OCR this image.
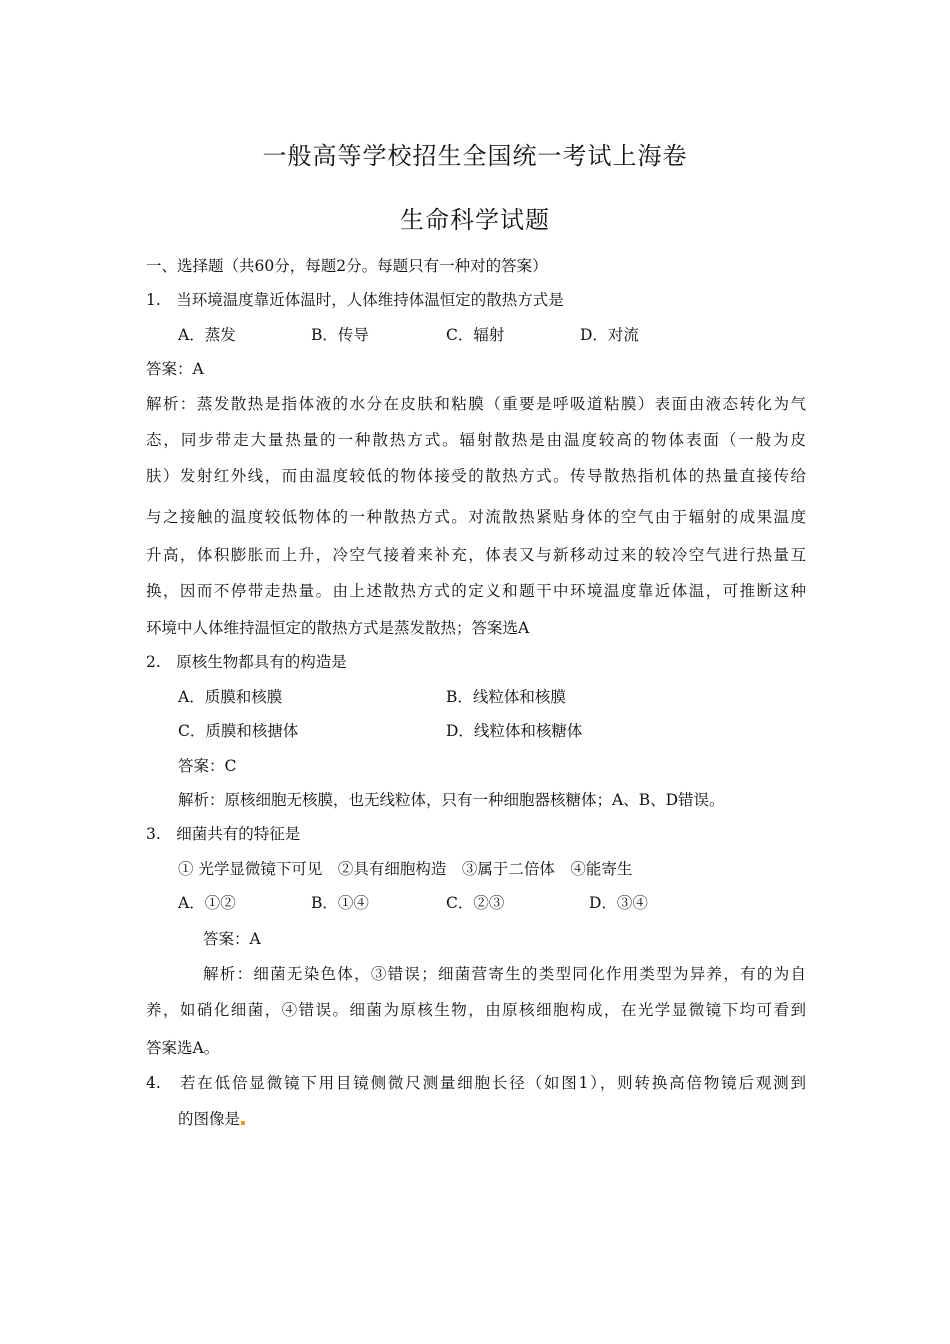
一般高等学校招生全国统一考试上海卷
生命科学试题
一、选择题（共60分，每题2分。每题只有一种对的答案）
1.　当环境温度靠近体温时，人体维持体温恒定的散热方式是
A．蒸发	B．传导	C．辐射	D．对流
答案：A
解析：蒸发散热是指体液的水分在皮肤和粘膜（重要是呼吸道粘膜）表面由液态转化为气
态，同步带走大量热量的一种散热方式。辐射散热是由温度较高的物体表面（一般为皮
肤）发射红外线，而由温度较低的物体接受的散热方式。传导散热指机体的热量直接传给
与之接触的温度较低物体的一种散热方式。对流散热紧贴身体的空气由于辐射的成果温度
升高，体积膨胀而上升，冷空气接着来补充，体表又与新移动过来的较冷空气进行热量互
换，因而不停带走热量。由上述散热方式的定义和题干中环境温度靠近体温，可推断这种
环境中人体维持温恒定的散热方式是蒸发散热；答案选A
2.　原核生物都具有的构造是
A．质膜和核膜	B．线粒体和核膜
C．质膜和核搪体	D．线粒体和核糖体
答案：C
解析：原核细胞无核膜，也无线粒体，只有一种细胞器核糖体；A、B、D错误。
3.　细菌共有的特征是
① 光学显微镜下可见　②具有细胞构造　③属于二倍体　④能寄生
A．①②	B．①④	C．②③	D．③④
答案：A
解析：细菌无染色体，③错误；细菌营寄生的类型同化作用类型为异养，有的为自
养，如硝化细菌，④错误。细菌为原核生物，由原核细胞构成，在光学显微镜下均可看到
答案选A。
4.　若在低倍显微镜下用目镜侧微尺测量细胞长径（如图1），则转换高倍物镜后观测到
的图像是
